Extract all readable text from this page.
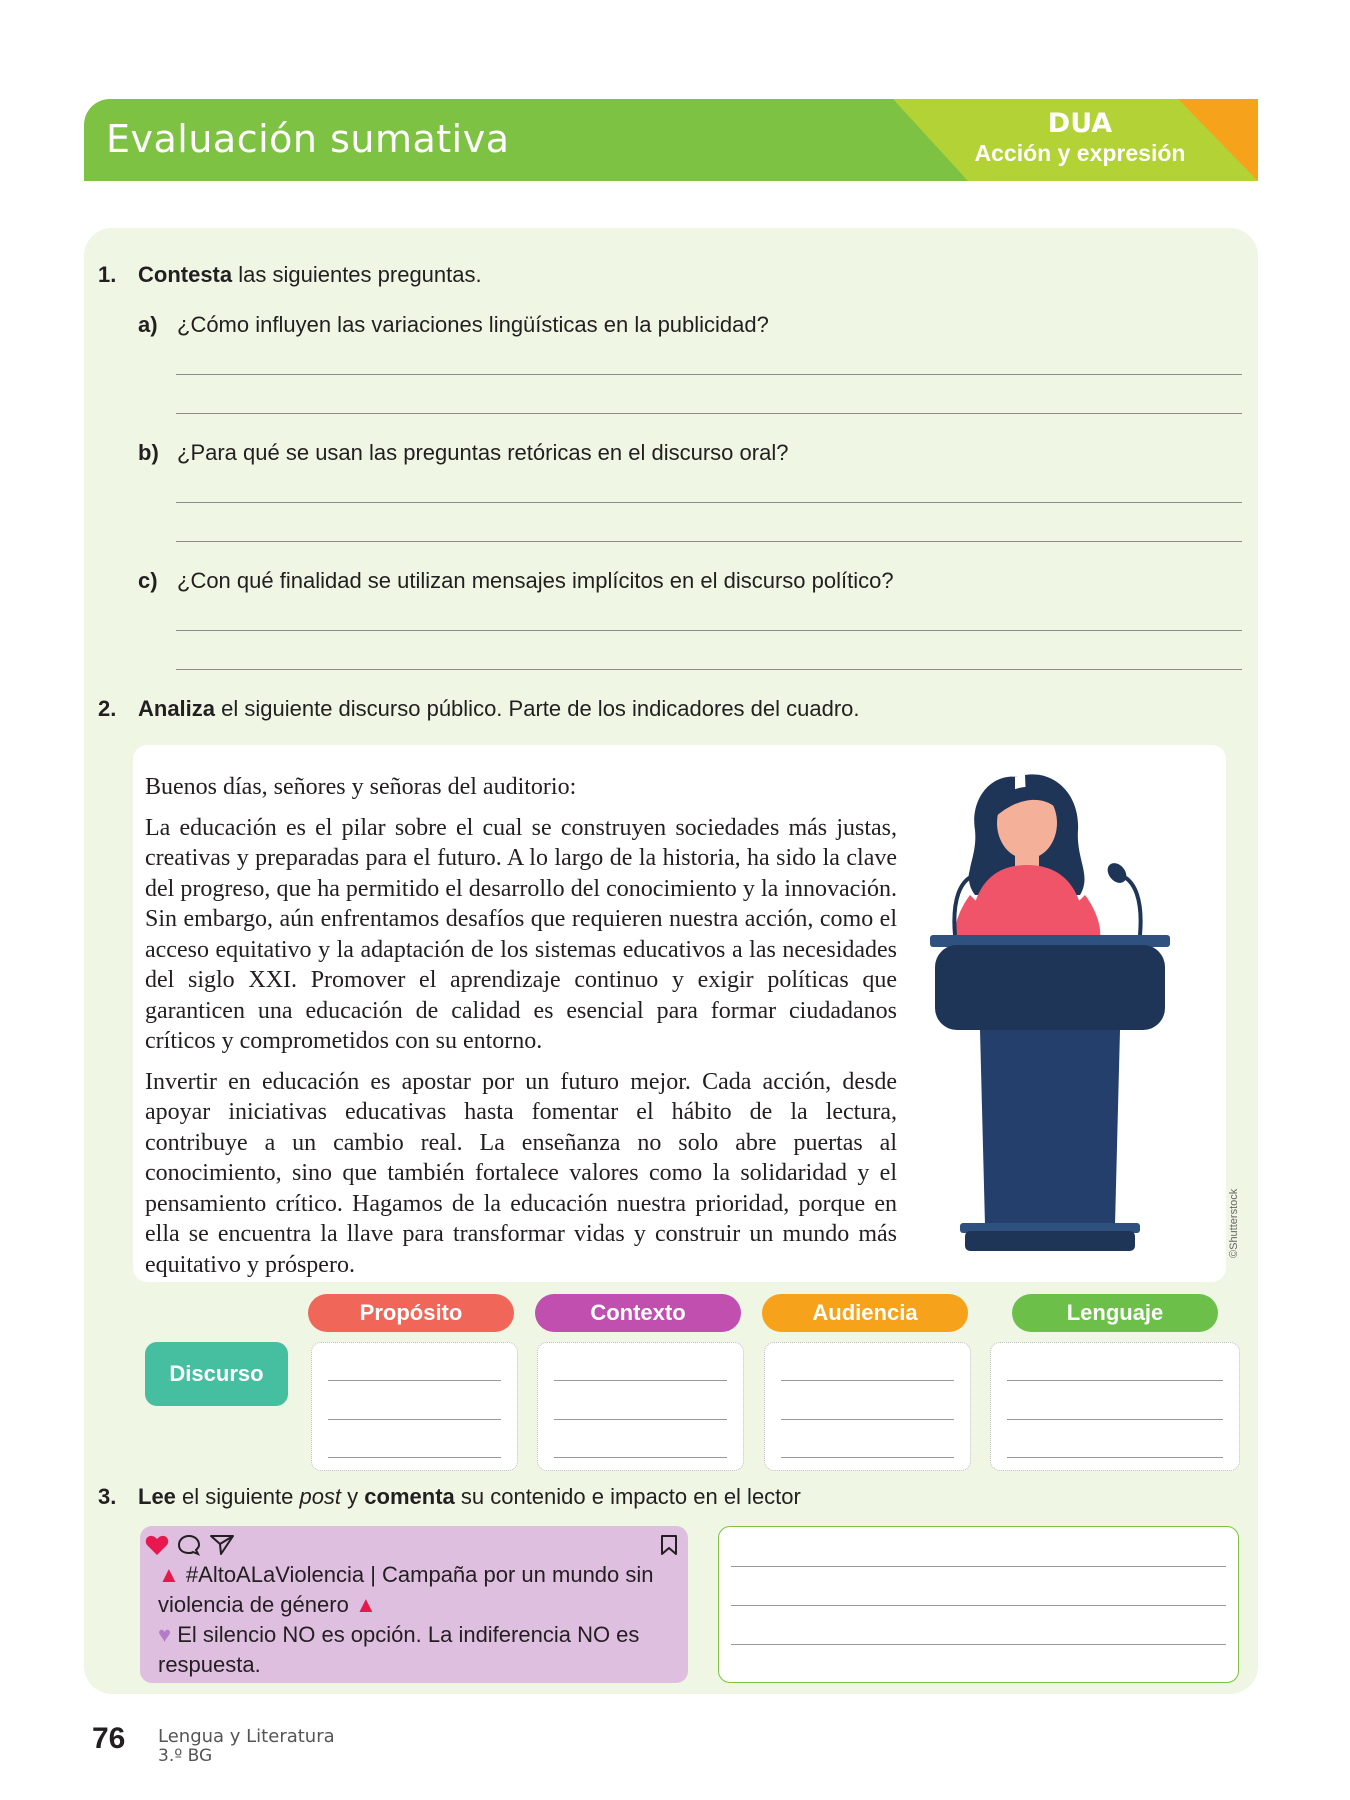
Evaluación sumativa	DUA
Acción y expresión
1. Contesta las siguientes preguntas.
a) ¿Cómo influyen las variaciones lingüísticas en la publicidad?
b) ¿Para qué se usan las preguntas retóricas en el discurso oral?
c) ¿Con qué finalidad se utilizan mensajes implícitos en el discurso político?
2. Analiza el siguiente discurso público. Parte de los indicadores del cuadro.

Buenos días, señores y señoras del auditorio:

La educación es el pilar sobre el cual se construyen sociedades más justas, creativas y preparadas para el futuro. A lo largo de la historia, ha sido la clave del progreso, que ha permitido el desarrollo del conocimiento y la innovación. Sin embargo, aún enfrentamos desafíos que requieren nuestra acción, como el acceso equitativo y la adaptación de los sistemas educativos a las necesidades del siglo XXI. Promover el aprendizaje continuo y exigir políticas que garanticen una educación de calidad es esencial para formar ciudadanos críticos y comprometidos con su entorno.

Invertir en educación es apostar por un futuro mejor. Cada acción, desde apoyar iniciativas educativas hasta fomentar el hábito de la lectura, contribuye a un cambio real. La enseñanza no solo abre puertas al conocimiento, sino que también fortalece valores como la solidaridad y el pensamiento crítico. Hagamos de la educación nuestra prioridad, porque en ella se encuentra la llave para transformar vidas y construir un mundo más equitativo y próspero.

©Shutterstock
Propósito	Contexto	Audiencia	Lenguaje
Discurso
3. Lee el siguiente post y comenta su contenido e impacto en el lector
▲ #AltoALaViolencia | Campaña por un mundo sin violencia de género ▲
♥ El silencio NO es opción. La indiferencia NO es respuesta.
76 Lengua y Literatura
3.º BG
